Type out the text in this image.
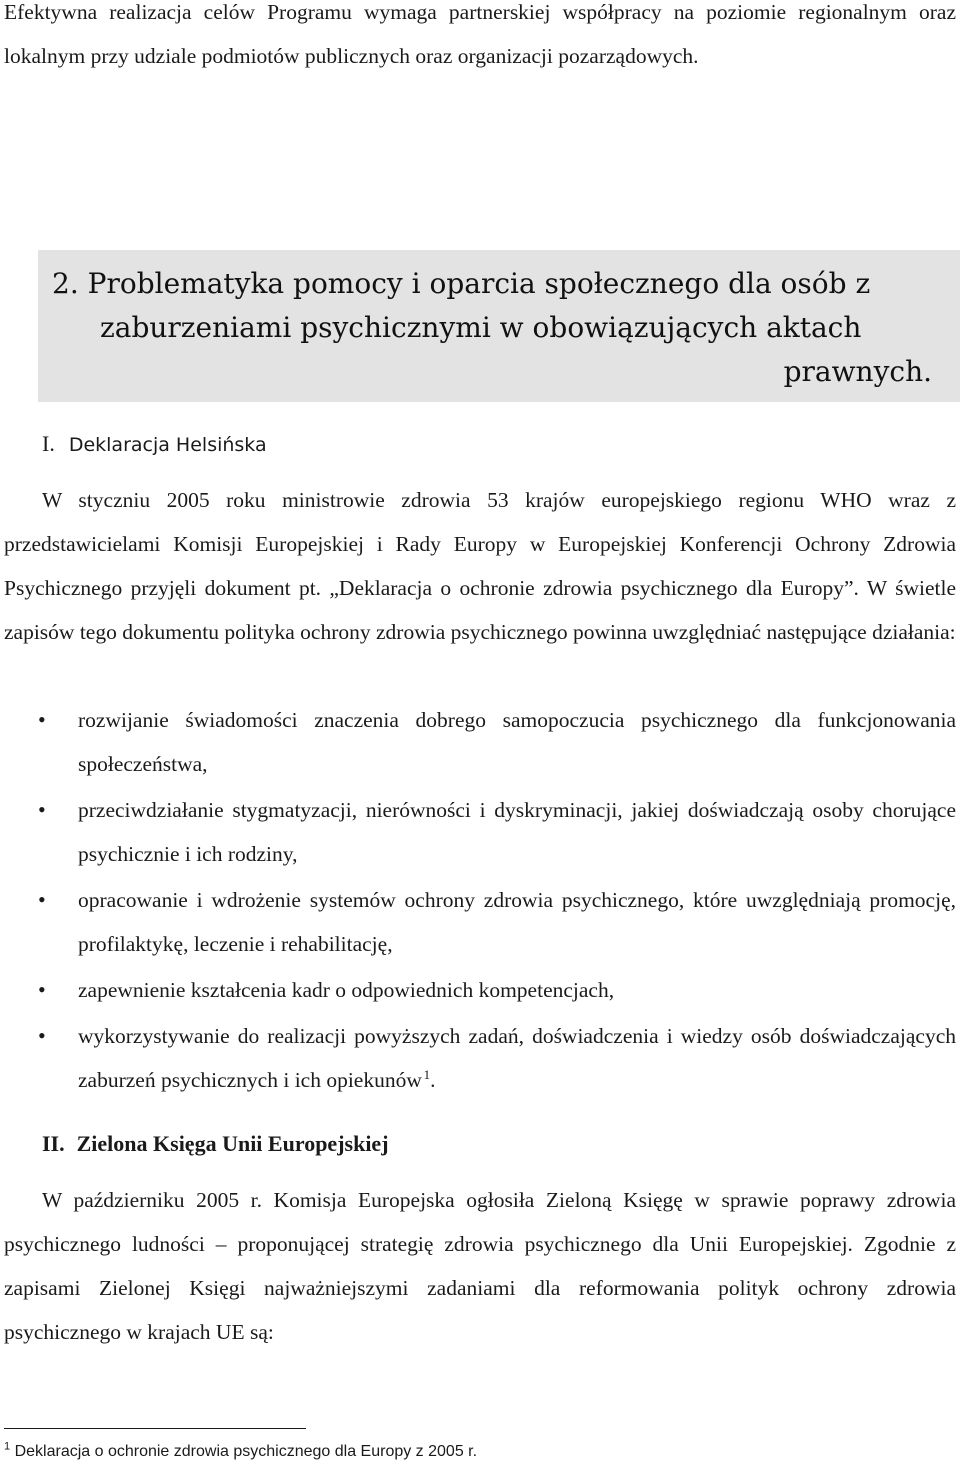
Efektywna realizacja celów Programu wymaga partnerskiej współpracy na poziomie regionalnym oraz lokalnym przy udziale podmiotów publicznych oraz organizacji pozarządowych.
2. Problematyka pomocy i oparcia społecznego dla osób z
zaburzeniami psychicznymi w obowiązujących aktach
prawnych.
I. Deklaracja Helsińska
W styczniu 2005 roku ministrowie zdrowia 53 krajów europejskiego regionu WHO wraz z przedstawicielami Komisji Europejskiej i Rady Europy w Europejskiej Konferencji Ochrony Zdrowia Psychicznego przyjęli dokument pt. „Deklaracja o ochronie zdrowia psychicznego dla Europy”. W świetle zapisów tego dokumentu polityka ochrony zdrowia psychicznego powinna uwzględniać następujące działania:
• rozwijanie świadomości znaczenia dobrego samopoczucia psychicznego dla funkcjonowania społeczeństwa,
• przeciwdziałanie stygmatyzacji, nierówności i dyskryminacji, jakiej doświadczają osoby chorujące psychicznie i ich rodziny,
• opracowanie i wdrożenie systemów ochrony zdrowia psychicznego, które uwzględniają promocję, profilaktykę, leczenie i rehabilitację,
• zapewnienie kształcenia kadr o odpowiednich kompetencjach,
• wykorzystywanie do realizacji powyższych zadań, doświadczenia i wiedzy osób doświadczających zaburzeń psychicznych i ich opiekunów  $^1$.
II. Zielona Księga Unii Europejskiej
W październiku 2005 r. Komisja Europejska ogłosiła Zieloną Księgę w sprawie poprawy zdrowia psychicznego ludności – proponującej strategię zdrowia psychicznego dla Unii Europejskiej. Zgodnie z zapisami Zielonej Księgi najważniejszymi zadaniami dla reformowania polityk ochrony zdrowia psychicznego w krajach UE są:
$^1$ Deklaracja o ochronie zdrowia psychicznego dla Europy z 2005 r.
